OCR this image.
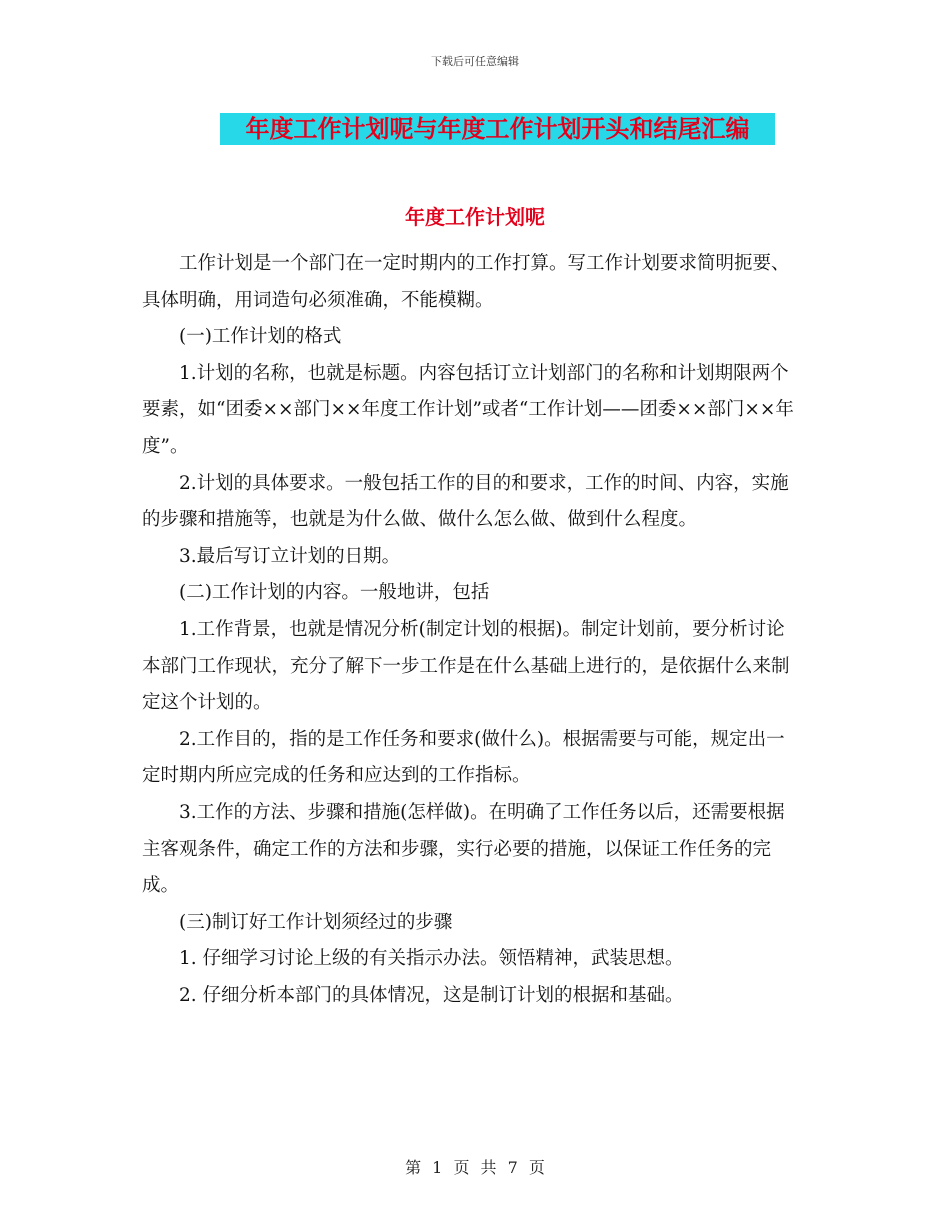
下载后可任意编辑
年度工作计划呢与年度工作计划开头和结尾汇编
年度工作计划呢

工作计划是一个部门在一定时期内的工作打算。写工作计划要求简明扼要、具体明确，用词造句必须准确，不能模糊。

(一)工作计划的格式

1.计划的名称，也就是标题。内容包括订立计划部门的名称和计划期限两个要素，如“团委××部门××年度工作计划”或者“工作计划——团委××部门××年度”。

2.计划的具体要求。一般包括工作的目的和要求，工作的时间、内容，实施的步骤和措施等，也就是为什么做、做什么怎么做、做到什么程度。

3.最后写订立计划的日期。

(二)工作计划的内容。一般地讲，包括

1.工作背景，也就是情况分析(制定计划的根据)。制定计划前，要分析讨论本部门工作现状，充分了解下一步工作是在什么基础上进行的，是依据什么来制定这个计划的。

2.工作目的，指的是工作任务和要求(做什么)。根据需要与可能，规定出一定时期内所应完成的任务和应达到的工作指标。

3.工作的方法、步骤和措施(怎样做)。在明确了工作任务以后，还需要根据主客观条件，确定工作的方法和步骤，实行必要的措施，以保证工作任务的完成。

(三)制订好工作计划须经过的步骤

1. 仔细学习讨论上级的有关指示办法。领悟精神，武装思想。

2. 仔细分析本部门的具体情况，这是制订计划的根据和基础。

第 1 页 共 7 页
